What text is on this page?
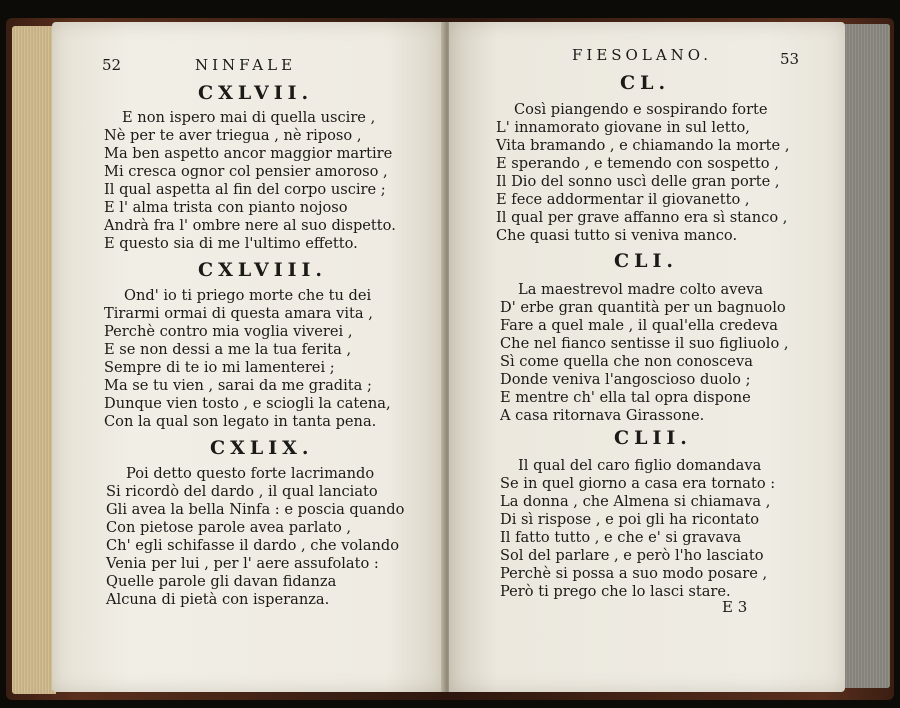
52	NINFALE
CXLVII.
E non ispero mai di quella uscire ,
Nè per te aver triegua , nè riposo ,
Ma ben aspetto ancor maggior martire
Mi cresca ognor col pensier amoroso ,
Il qual aspetta al fin del corpo uscire ;
E l' alma trista con pianto nojoso
Andrà fra l' ombre nere al suo dispetto.
E questo sia di me l'ultimo effetto.
CXLVIII.
Ond' io ti priego morte che tu dei
Tirarmi ormai di questa amara vita ,
Perchè contro mia voglia viverei ,
E se non dessi a me la tua ferita ,
Sempre di te io mi lamenterei ;
Ma se tu vien , sarai da me gradita ;
Dunque vien tosto , e sciogli la catena,
Con la qual son legato in tanta pena.
CXLIX.
Poi detto questo forte lacrimando
Si ricordò del dardo , il qual lanciato
Gli avea la bella Ninfa : e poscia quando
Con pietose parole avea parlato ,
Ch' egli schifasse il dardo , che volando
Venia per lui , per l' aere assufolato :
Quelle parole gli davan fidanza
Alcuna di pietà con isperanza.
FIESOLANO.	53
CL.
Così piangendo e sospirando forte
L' innamorato giovane in sul letto,
Vita bramando , e chiamando la morte ,
E sperando , e temendo con sospetto ,
Il Dio del sonno uscì delle gran porte ,
E fece addormentar il giovanetto ,
Il qual per grave affanno era sì stanco ,
Che quasi tutto si veniva manco.
CLI.
La maestrevol madre colto aveva
D' erbe gran quantità per un bagnuolo
Fare a quel male , il qual'ella credeva
Che nel fianco sentisse il suo figliuolo ,
Sì come quella che non conosceva
Donde veniva l'angoscioso duolo ;
E mentre ch' ella tal opra dispone
A casa ritornava Girassone.
CLII.
Il qual del caro figlio domandava
Se in quel giorno a casa era tornato :
La donna , che Almena si chiamava ,
Di sì rispose , e poi gli ha ricontato
Il fatto tutto , e che e' si gravava
Sol del parlare , e però l'ho lasciato
Perchè si possa a suo modo posare ,
Però ti prego che lo lasci stare.
E 3
